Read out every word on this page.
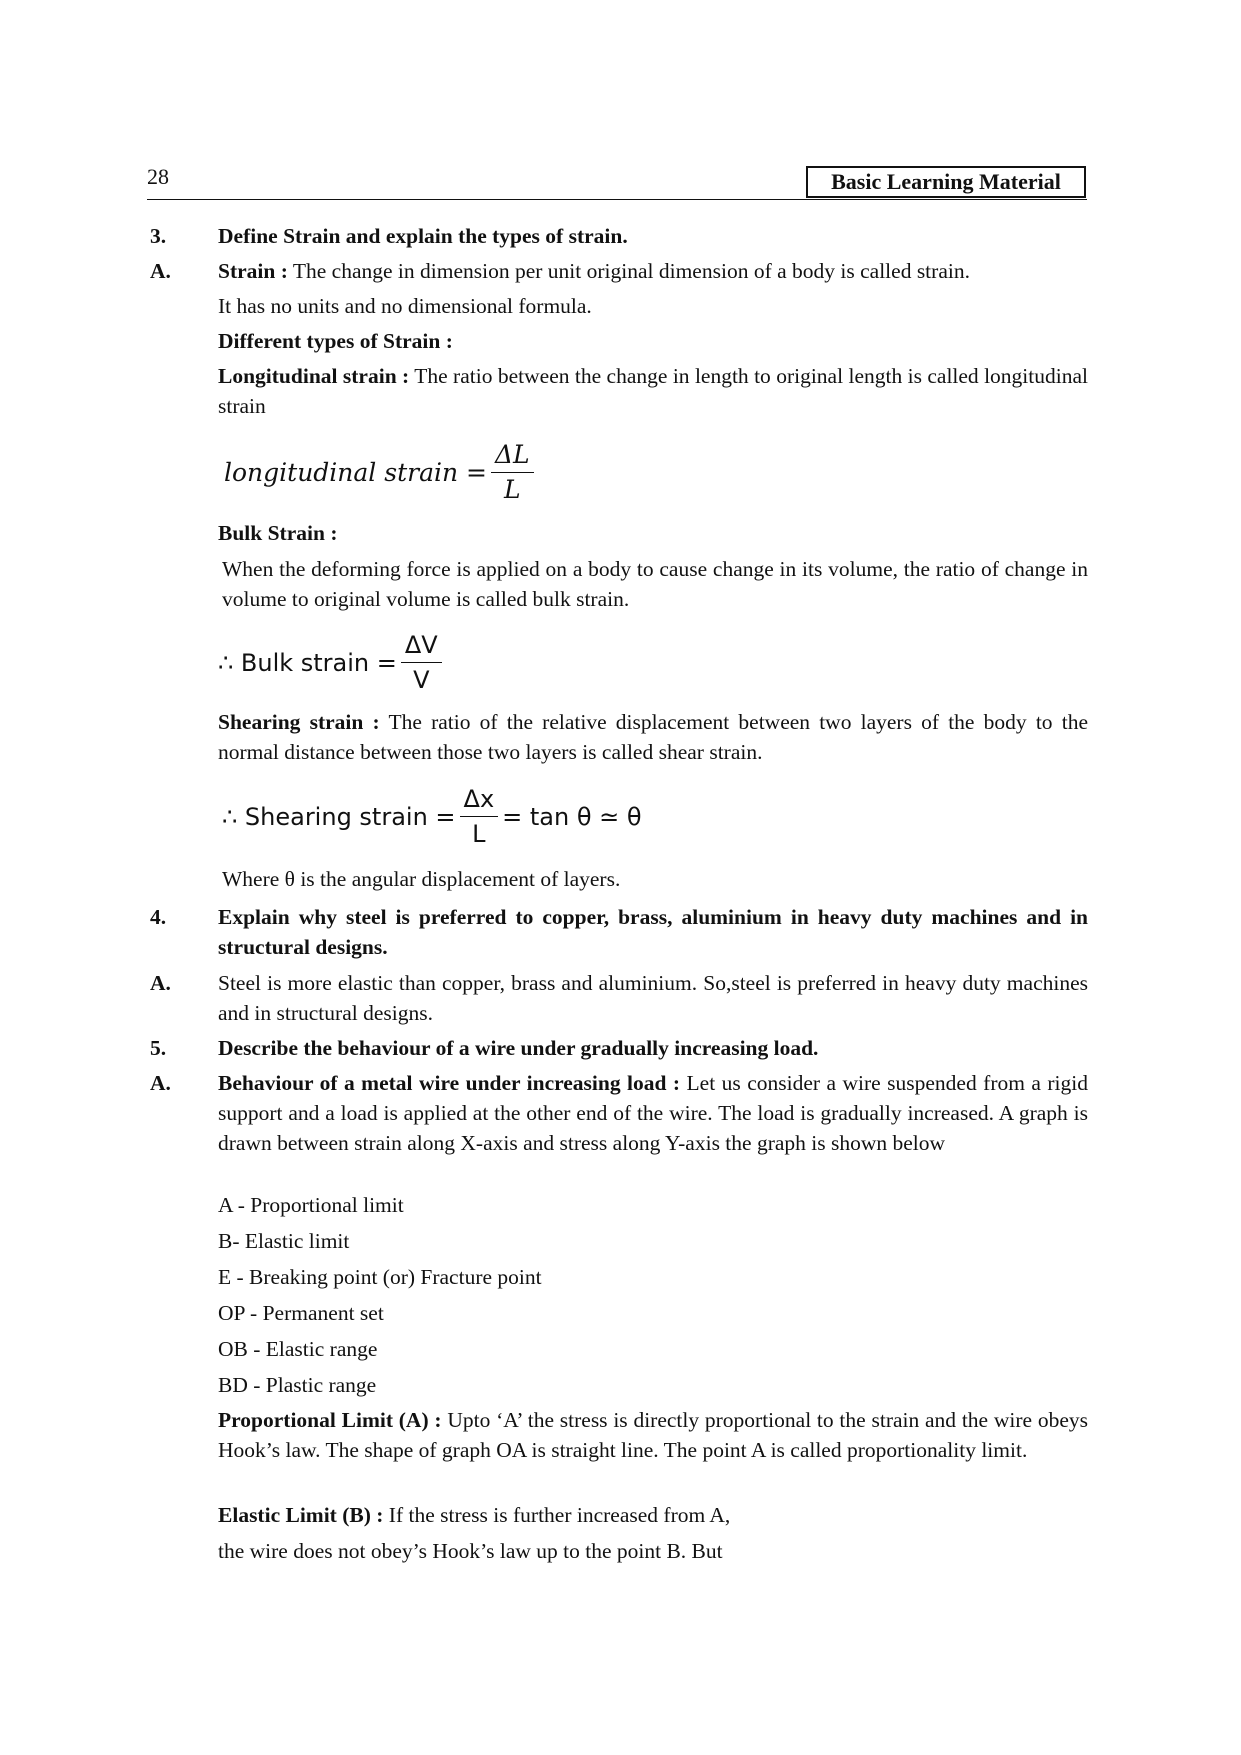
28	Basic Learning Material
3. Define Strain and explain the types of strain.
A. Strain : The change in dimension per unit original dimension of a body is called strain.
It has no units and no dimensional formula.
Different types of Strain :
Longitudinal strain : The ratio between the change in length to original length is called longitudinal strain
longitudinal strain = $\frac{\Delta L}{L}$
Bulk Strain :
When the deforming force is applied on a body to cause change in its volume, the ratio of change in volume to original volume is called bulk strain.
∴ Bulk strain = $\frac{\Delta V}{V}$
Shearing strain : The ratio of the relative displacement between two layers of the body to the normal distance between those two layers is called shear strain.
∴ Shearing strain = $\frac{\Delta x}{L} = \tan \theta$ ≃ θ
Where θ is the angular displacement of layers.
4. Explain why steel is preferred to copper, brass, aluminium in heavy duty machines and in structural designs.
A. Steel is more elastic than copper, brass and aluminium. So,steel is preferred in heavy duty machines and in structural designs.
5. Describe the behaviour of a wire under gradually increasing load.
A. Behaviour of a metal wire under increasing load : Let us consider a wire suspended from a rigid support and a load is applied at the other end of the wire. The load is gradually increased. A graph is drawn between strain along X-axis and stress along Y-axis the graph is shown below
A - Proportional limit
B- Elastic limit
E - Breaking point (or) Fracture point
OP - Permanent set
OB - Elastic range
BD - Plastic range
Proportional Limit (A) : Upto ‘A’ the stress is directly proportional to the strain and the wire obeys Hook’s law. The shape of graph OA is straight line. The point A is called proportionality limit.
Elastic Limit (B) : If the stress is further increased from A,
the wire does not obey’s Hook’s law up to the point B. But
